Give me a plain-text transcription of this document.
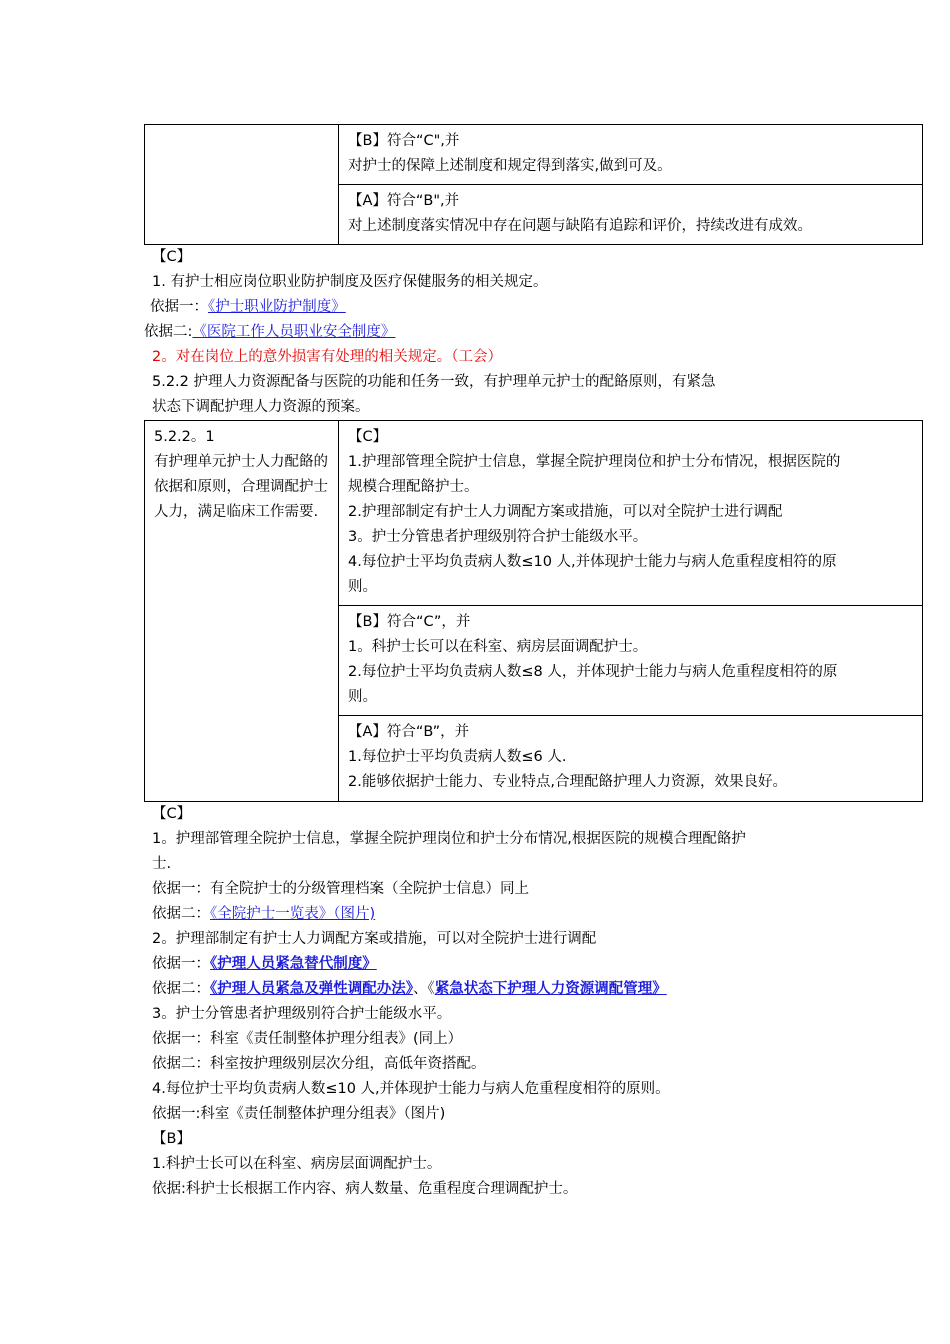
【B】符合“C",并
对护士的保障上述制度和规定得到落实,做到可及。

【A】符合“B",并
对上述制度落实情况中存在问题与缺陷有追踪和评价，持续改进有成效。
【C】
1. 有护士相应岗位职业防护制度及医疗保健服务的相关规定。
依据一：《护士职业防护制度》
依据二:《医院工作人员职业安全制度》
2。对在岗位上的意外损害有处理的相关规定。（工会）
5.2.2 护理人力资源配备与医院的功能和任务一致，有护理单元护士的配餎原则，有紧急
状态下调配护理人力资源的预案。
5.2.2。1
有护理单元护士人力配餎的依据和原则，合理调配护士人力，满足临床工作需要.

【C】
1.护理部管理全院护士信息，掌握全院护理岗位和护士分布情况，根据医院的
规模合理配餎护士。
2.护理部制定有护士人力调配方案或措施，可以对全院护士进行调配
3。护士分管患者护理级别符合护士能级水平。
4.每位护士平均负责病人数≤10 人,并体现护士能力与病人危重程度相符的原
则。

【B】符合“C”，并
1。科护士长可以在科室、病房层面调配护士。
2.每位护士平均负责病人数≤8 人，并体现护士能力与病人危重程度相符的原
则。

【A】符合“B”，并
1.每位护士平均负责病人数≤6 人.
2.能够依据护士能力、专业特点,合理配餎护理人力资源，效果良好。
【C】
1。护理部管理全院护士信息，掌握全院护理岗位和护士分布情况,根据医院的规模合理配餎护
士.
依据一：有全院护士的分级管理档案（全院护士信息）同上
依据二：《全院护士一览表》（图片)
2。护理部制定有护士人力调配方案或措施，可以对全院护士进行调配
依据一：《护理人员紧急替代制度》
依据二：《护理人员紧急及弹性调配办法》、《紧急状态下护理人力资源调配管理》
3。护士分管患者护理级别符合护士能级水平。
依据一：科室《责任制整体护理分组表》(同上）
依据二：科室按护理级别层次分组，高低年资搭配。
4.每位护士平均负责病人数≤10 人,并体现护士能力与病人危重程度相符的原则。
依据一:科室《责任制整体护理分组表》（图片)
【B】
1.科护士长可以在科室、病房层面调配护士。
依据:科护士长根据工作内容、病人数量、危重程度合理调配护士。
